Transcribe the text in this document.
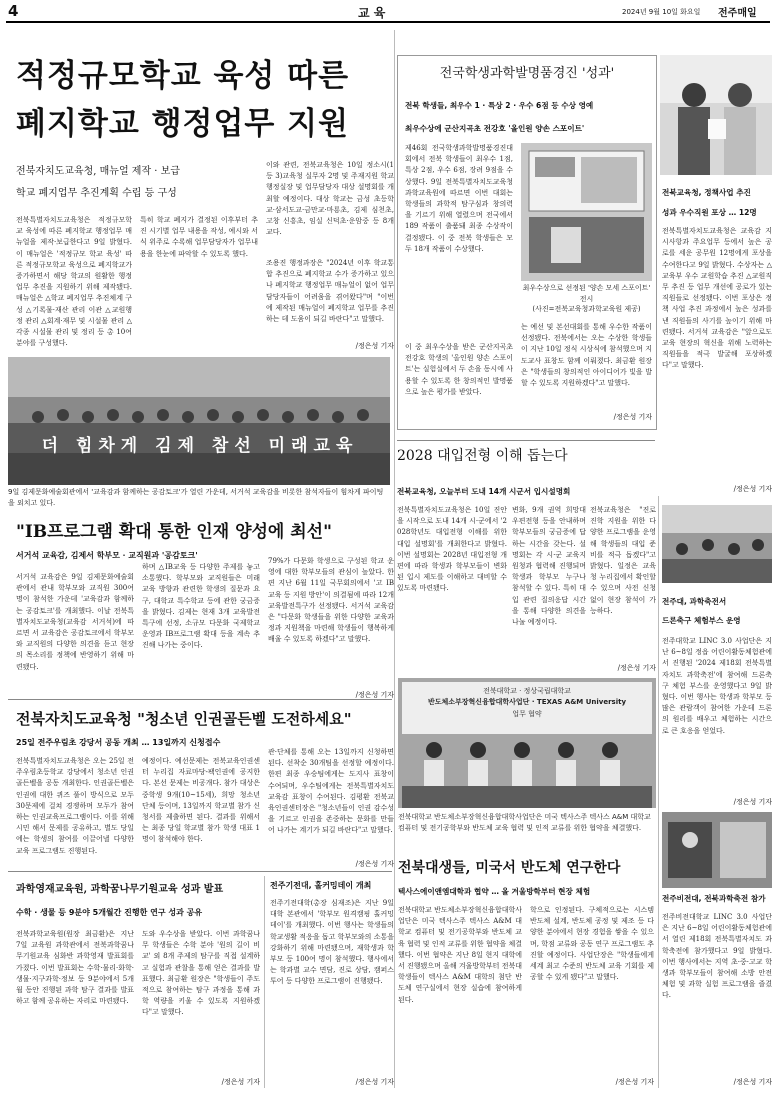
4	교 육	2024년 9월 10일 화요일 전주매일
적정규모학교 육성 따른
폐지학교 행정업무 지원
전북자치도교육청, 매뉴얼 제작 · 보급
학교 폐지업무 추진계획 수립 등 구성
전북특별자치도교육청은 적정규모학교 육성에 따른 폐지학교 행정업무 매뉴얼을 제작·보급한다고 9일 밝혔다. 이 매뉴얼은 '적정규모 학교 육성' 따른 적정규모학교 육성으로 폐지학교가 증가하면서 해당 학교의 원활한 행정업무 추진을 지원하기 위해 제작됐다. 매뉴얼은 △학교 폐지업무 추진체계 구성 △기록물·재산 관리 이관 △교원행정 관리 △회계·재무 및 시설물 관리 △각종 시설물 관리 및 정리 등 총 10여 분야를 구성했다.
특히 학교 폐지가 결정된 이후부터 추진 시기별 업무 내용을 작성, 예시와 서식 위주로 수록해 업무담당자가 업무내용을 한눈에 파악할 수 있도록 했다.
이와 관련, 전북교육청은 10일 정소시(1 등 3)교육청 실무자 2명 및 주재지원 학교 행정실장 및 업무담당자 대상 설명회를 개최할 예정이다. 대상 학교는 금성 초등학교·삼서도교·금만교·마룡초, 김제 심천초, 고창 신흥초, 임실 신덕초·운암중 등 8개교다.
조용진 행정과장은 "2024년 이후 학교통합 추진으로 폐지학교 수가 증가하고 있으나 폐지학교 행정업무 매뉴얼이 없어 업무담당자들이 어려움을 겪어왔다"며 "이번에 제작된 매뉴얼이 폐지학교 업무를 추진하는 데 도움이 되길 바란다"고 말했다.
/정은성 기자
더 힘차게 김제 참선 미래교육
9일 김제문화예술회관에서 '교육감과 함께하는 공감토크'가 열린 가운데, 서거석 교육감을 비롯한 참석자들이 힘차게 파이팅을 외치고 있다.
"IB프로그램 확대 통한 인재 양성에 최선"
서거석 교육감, 김제서 학부모 · 교직원과 '공감토크'
서거석 교육감은 9일 김제문화예술회관에서 관내 학부모와 교직원 300여 명이 참석한 가운데 '교육감과 함께하는 공감토크'를 개최했다. 이날 전북특별자치도교육청(교육감 서거석)에 따르면 서 교육감은 공감토크에서 학부모와 교직원의 다양한 의견을 듣고 현장의 목소리를 정책에 반영하기 위해 마련됐다.
하며 △IB교육 등 다양한 주제를 놓고 소통했다. 학부모와 교직원들은 미래 교육 방향과 관련한 학생의 질문과 요구, 대학교 특수학교 등에 관한 궁금증을 밝혔다. 김제는 현재 3개 교육발전특구에 선정, 소규모 다문화 국제학교 운영과 IB프로그램 확대 등을 계속 추진해 나가는 중이다.
79%가 다문화 학생으로 구성된 학교 운영에 대한 학부모들의 관심이 높았다. 한편 지난 6월 11일 국무회의에서 '고 IB 교육 등 지원 방안'이 의결됨에 따라 12개 교육발전특구가 선정됐다. 서거석 교육감은 "다문화 학생들을 위한 다양한 교육과정과 지원책을 마련해 학생들이 행복하게 배울 수 있도록 하겠다"고 말했다.
/정은성 기자
전북자치도교육청 "청소년 인권골든벨 도전하세요"
25일 전주우림초 강당서 공동 개최 … 13일까지 신청접수
전북특별자치도교육청은 오는 25일 전주우림초등학교 강당에서 청소년 인권골든벨을 공동 개최한다. 인권골든벨은 인권에 대한 퀴즈 풀이 방식으로 모두 30문제에 걸쳐 경쟁하며 모두가 참여하는 인권교육프로그램이다. 이를 위해 시민 해서 문제를 공유하고, 별도 당일에는 학생의 참여를 이끌어낼 다양한 교육 프로그램도 진행된다.
예정이다. 예선문제는 전북교육인권센터 누리집 자료마당-팩인권에 공지한다. 본선 문제는 비공개다. 참가 대상은 중학생 9개(10~15세), 희망 청소년 단체 등이며, 13일까지 학교별 참가 신청서를 제출하면 된다. 결과를 위해서는 최종 당일 학교별 참가 학생 대표 1명이 참석해야 한다.
관·단체를 통해 오는 13일까지 신청하면 된다. 선착순 30개팀을 선정할 예정이다. 한편 최종 우승팀에게는 도지사 표창이 수여되며, 우수팀에게는 전북특별자치도교육감 표창이 수여된다. 김평환 전북교육인권센터장은 "청소년들이 인권 감수성을 기르고 인권을 존중하는 문화를 만들어 나가는 계기가 되길 바란다"고 말했다.
/정은성 기자
과학영재교육원, 과학꿈나무기원교육 성과 발표
수학 · 생물 등 9분야 5개월간 진행한 연구 성과 공유
전북과학교육원(원장 최금환)은 지난 7일 교육원 과학관에서 전북과학꿈나무기원교육 심화반 과학영재 발표회를 가졌다. 이번 발표회는 수학·물리·화학·생물·지구과학·정보 등 9분야에서 5개월 동안 진행된 과학 탐구 결과를 발표하고 함께 공유하는 자리로 마련됐다.
도와 우수상을 받았다. 이번 과학꿈나무 학생들은 수학 분야 '원의 길이 비교' 외 8개 주제의 탐구를 직접 설계하고 실험과 관찰을 통해 얻은 결과를 발표했다. 최금환 원장은 "학생들이 주도적으로 참여하는 탐구 과정을 통해 과학 역량을 키울 수 있도록 지원하겠다"고 말했다.
/정은성 기자
전주기전대, 홀커밍데이 개최
전주기전대학(총장 심재조)은 지난 9일 대학 본관에서 '학부모 원격캠핑 홀커밍데이'를 개최했다. 이번 행사는 학생들의 학교생활 적응을 돕고 학부모와의 소통을 강화하기 위해 마련됐으며, 재학생과 학부모 등 100여 명이 참석했다. 행사에서는 학과별 교수 면담, 진로 상담, 캠퍼스 투어 등 다양한 프로그램이 진행됐다.
/정은성 기자
전국학생과학발명품경진 '성과'
전북 학생들, 최우수 1 · 특상 2 · 우수 6점 등 수상 영예
최우수상에 군산지곡초 전강호 '올인원 양손 스포이트'
제46회 전국학생과학발명품경진대회에서 전북 학생들이 최우수 1점, 특상 2점, 우수 6점, 장려 9점을 수상했다. 9일 전북특별자치도교육청과학교육원에 따르면 이번 대회는 학생들의 과학적 탐구심과 창의력을 기르기 위해 열렸으며 전국에서 189 작품이 출품돼 최종 수상작이 결정됐다. 이 중 전북 학생들은 모두 18개 작품이 수상했다.
최우수상으로 선정된 '양손 모세 스포이트' 전시
(사진=전북교육청과학교육원 제공)
이 중 최우수상을 받은 군산지곡초 전강호 학생의 '올인원 양손 스포이트'는 실험실에서 두 손을 동시에 사용할 수 있도록 한 창의적인 발명품으로 높은 평가를 받았다.
는 예선 및 본선대회를 통해 우수한 작품이 선정됐다. 전북에서는 오는 수상한 학생들이 지난 10일 정식 시상식에 참석했으며 지도교사 표창도 함께 이뤄졌다. 최금환 원장은 "학생들의 창의적인 아이디어가 빛을 발할 수 있도록 지원하겠다"고 말했다.
/정은성 기자
전북교육청, 정책사업 추진
성과 우수직원 포상 … 12명
전북특별자치도교육청은 교육감 지시사항과 주요업무 등에서 높은 공로를 세운 공무원 12명에게 포상을 수여한다고 9일 밝혔다. 수상자는 △교육부 우수 교원학습 추진 △교원직무 추진 등 업무 개선에 공로가 있는 직원들로 선정됐다. 이번 포상은 정책 사업 추진 과정에서 높은 성과를 낸 직원들의 사기를 높이기 위해 마련됐다. 서거석 교육감은 "앞으로도 교육 현장의 혁신을 위해 노력하는 직원들을 적극 발굴해 포상하겠다"고 말했다.
/정은성 기자
2028 대입전형 이해 돕는다
전북교육청, 오늘부터 도내 14개 시군서 입시설명회
전북특별자치도교육청은 10일 진안을 시작으로 도내 14개 시·군에서 '2028학년도 대입전형 이해를 위한 대입 설명회'를 개최한다고 밝혔다. 이번 설명회는 2028년 대입전형 개편에 따라 학생과 학부모들이 변화된 입시 제도를 이해하고 대비할 수 있도록 마련됐다.
변화, 9개 권역 희망대 우편전형 등을 안내하며 학부모들의 궁금증에 답하는 시간을 갖는다. 설명회는 각 시·군 교육지원청과 협력해 진행되며 학생과 학부모 누구나 참석할 수 있다. 특히 대입 관련 질의응답 시간을 통해 다양한 의견을 나눌 예정이다.
전북교육청은 "진로진학 지원을 위한 다양한 프로그램을 운영해 학생들의 대입 준비를 적극 돕겠다"고 밝혔다. 일정은 교육청 누리집에서 확인할 수 있으며 사전 신청 없이 현장 참석이 가능하다.
/정은성 기자
전북대학교 · 정상국립대학교
반도체소부장혁신융합대학사업단 · TEXAS A&M University
업무 협약
전북대학교 반도체소부장혁신융합대학사업단은 미국 텍사스주 텍사스 A&M 대학교 컴퓨터 및 전기공학부와 반도체 교육 협력 및 인적 교류를 위한 협약을 체결했다.
전북대생들, 미국서 반도체 연구한다
텍사스에이앤엠대학과 협약 … 올 겨울방학부터 현장 체험
전북대학교 반도체소부장혁신융합대학사업단은 미국 텍사스주 텍사스 A&M 대학교 컴퓨터 및 전기공학부와 반도체 교육 협력 및 인적 교류를 위한 협약을 체결했다. 이번 협약은 지난 8일 현지 대학에서 진행됐으며 올해 겨울방학부터 전북대 학생들이 텍사스 A&M 대학의 첨단 반도체 연구실에서 현장 실습에 참여하게 된다.
학으로 인정된다. 구체적으로는 시스템 반도체 설계, 반도체 공정 및 제조 등 다양한 분야에서 현장 경험을 쌓을 수 있으며, 학점 교류와 공동 연구 프로그램도 추진할 예정이다. 사업단장은 "학생들에게 세계 최고 수준의 반도체 교육 기회를 제공할 수 있게 됐다"고 말했다.
/정은성 기자
전주대, 과학축전서
드론축구 체험부스 운영
전주대학교 LINC 3.0 사업단은 지난 6~8일 정읍 어린이활동체험관에서 진행된 '2024 제18회 전북특별자치도 과학축전'에 참여해 드론축구 체험 부스를 운영했다고 9일 밝혔다. 이번 행사는 학생과 학부모 등 많은 관람객이 참여한 가운데 드론의 원리를 배우고 체험하는 시간으로 큰 호응을 얻었다.
/정은성 기자
전주비전대, 전북과학축전 참가
전주비전대학교 LINC 3.0 사업단은 지난 6~8일 어린이활동체험관에서 열린 제18회 전북특별자치도 과학축전에 참가했다고 9일 밝혔다. 이번 행사에서는 지역 초·중·고교 학생과 학부모들이 참여해 소방 안전 체험 및 과학 실험 프로그램을 즐겼다.
/정은성 기자
